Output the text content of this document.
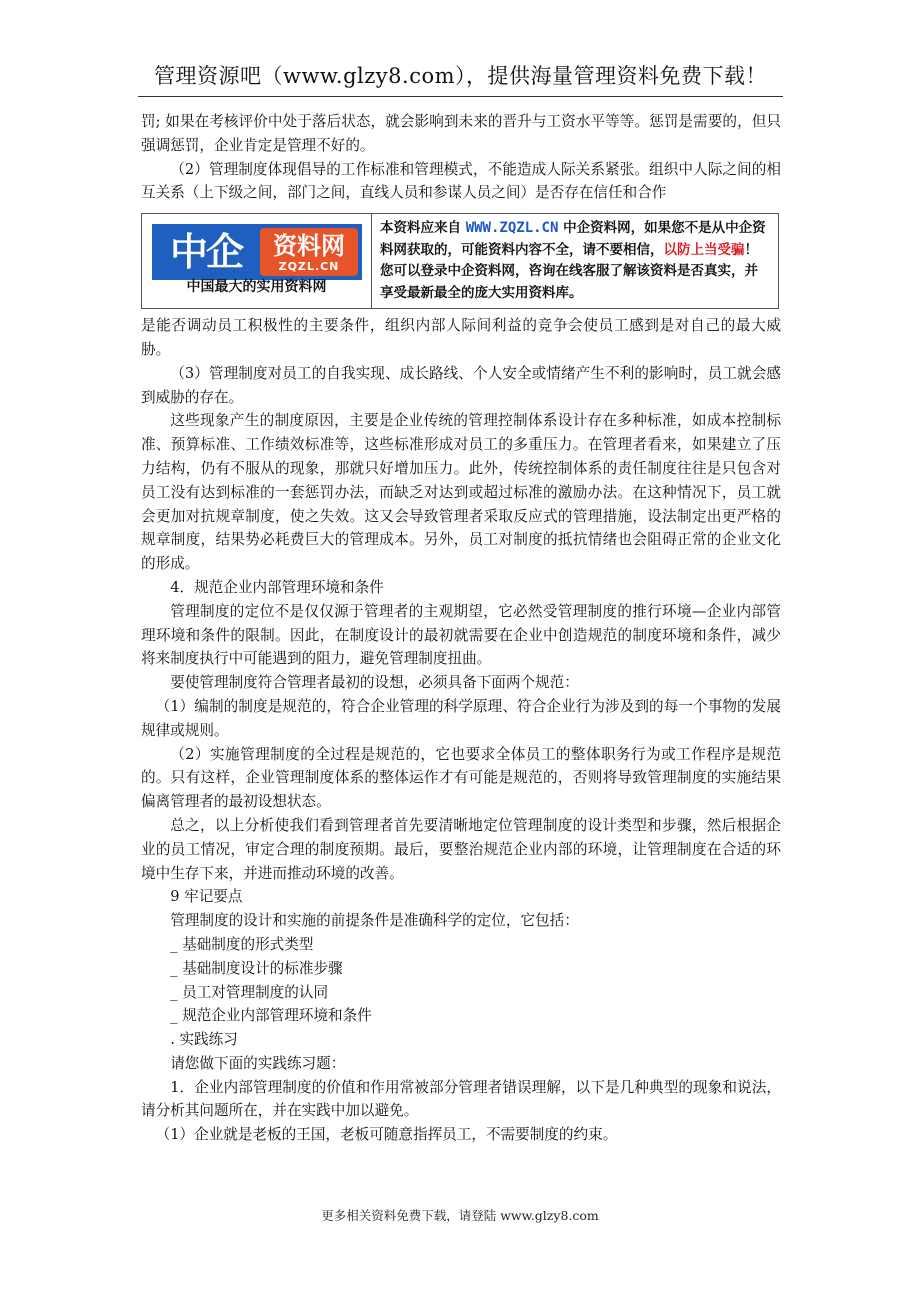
管理资源吧（www.glzy8.com），提供海量管理资料免费下载！

罚; 如果在考核评价中处于落后状态，就会影响到未来的晋升与工资水平等等。惩罚是需要的，但只强调惩罚，企业肯定是管理不好的。

（2）管理制度体现倡导的工作标准和管理模式，不能造成人际关系紧张。组织中人际之间的相互关系（上下级之间，部门之间，直线人员和参谋人员之间）是否存在信任和合作

中企	资料网
ZQZL.CN
中国最大的实用资料网
本资料应来自 WWW.ZQZL.CN 中企资料网，如果您不是从中企资料网获取的，可能资料内容不全，请不要相信，以防上当受骗！您可以登录中企资料网，咨询在线客服了解该资料是否真实，并享受最新最全的庞大实用资料库。

是能否调动员工积极性的主要条件，组织内部人际间利益的竞争会使员工感到是对自己的最大威胁。

（3）管理制度对员工的自我实现、成长路线、个人安全或情绪产生不利的影响时，员工就会感到威胁的存在。

这些现象产生的制度原因，主要是企业传统的管理控制体系设计存在多种标准，如成本控制标准、预算标准、工作绩效标准等，这些标准形成对员工的多重压力。在管理者看来，如果建立了压力结构，仍有不服从的现象，那就只好增加压力。此外，传统控制体系的责任制度往往是只包含对员工没有达到标准的一套惩罚办法，而缺乏对达到或超过标准的激励办法。在这种情况下，员工就会更加对抗规章制度，使之失效。这又会导致管理者采取反应式的管理措施，设法制定出更严格的规章制度，结果势必耗费巨大的管理成本。另外，员工对制度的抵抗情绪也会阻碍正常的企业文化的形成。

4．规范企业内部管理环境和条件

管理制度的定位不是仅仅源于管理者的主观期望，它必然受管理制度的推行环境—企业内部管理环境和条件的限制。因此，在制度设计的最初就需要在企业中创造规范的制度环境和条件，减少将来制度执行中可能遇到的阻力，避免管理制度扭曲。

要使管理制度符合管理者最初的设想，必须具备下面两个规范：

（1）编制的制度是规范的，符合企业管理的科学原理、符合企业行为涉及到的每一个事物的发展规律或规则。

（2）实施管理制度的全过程是规范的，它也要求全体员工的整体职务行为或工作程序是规范的。只有这样，企业管理制度体系的整体运作才有可能是规范的，否则将导致管理制度的实施结果偏离管理者的最初设想状态。

总之，以上分析使我们看到管理者首先要清晰地定位管理制度的设计类型和步骤，然后根据企业的员工情况，审定合理的制度预期。最后，要整治规范企业内部的环境，让管理制度在合适的环境中生存下来，并进而推动环境的改善。

9 牢记要点

管理制度的设计和实施的前提条件是准确科学的定位，它包括：

_ 基础制度的形式类型

_ 基础制度设计的标准步骤

_ 员工对管理制度的认同

_ 规范企业内部管理环境和条件

. 实践练习

请您做下面的实践练习题：

1．企业内部管理制度的价值和作用常被部分管理者错误理解，以下是几种典型的现象和说法，请分析其问题所在，并在实践中加以避免。

（1）企业就是老板的王国，老板可随意指挥员工，不需要制度的约束。

更多相关资料免费下载，请登陆 www.glzy8.com
